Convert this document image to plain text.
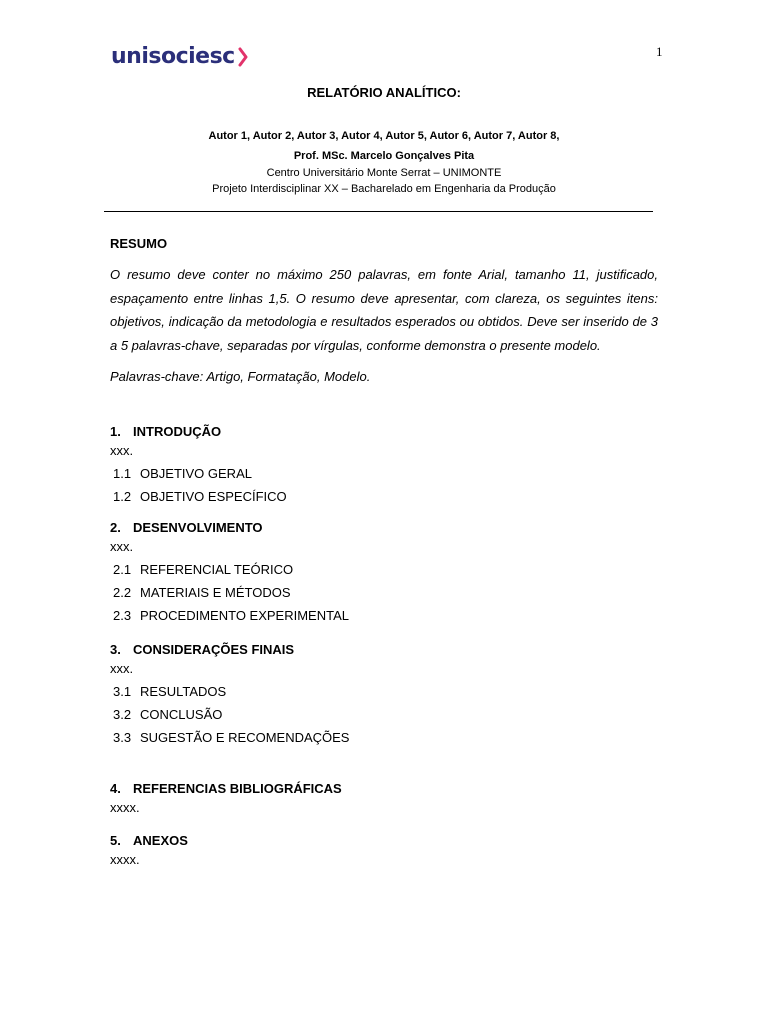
unisociesc	1
RELATÓRIO ANALÍTICO:
Autor 1, Autor 2, Autor 3, Autor 4, Autor 5, Autor 6, Autor 7, Autor 8,
Prof. MSc. Marcelo Gonçalves Pita
Centro Universitário Monte Serrat – UNIMONTE
Projeto Interdisciplinar XX – Bacharelado em Engenharia da Produção
RESUMO

O resumo deve conter no máximo 250 palavras, em fonte Arial, tamanho 11, justificado, espaçamento entre linhas 1,5. O resumo deve apresentar, com clareza, os seguintes itens: objetivos, indicação da metodologia e resultados esperados ou obtidos. Deve ser inserido de 3 a 5 palavras-chave, separadas por vírgulas, conforme demonstra o presente modelo.

Palavras-chave: Artigo, Formatação, Modelo.

1. INTRODUÇÃO
xxx.
1.1 OBJETIVO GERAL
1.2 OBJETIVO ESPECÍFICO
2. DESENVOLVIMENTO
xxx.
2.1 REFERENCIAL TEÓRICO
2.2 MATERIAIS E MÉTODOS
2.3 PROCEDIMENTO EXPERIMENTAL
3. CONSIDERAÇÕES FINAIS
xxx.
3.1 RESULTADOS
3.2 CONCLUSÃO
3.3 SUGESTÃO E RECOMENDAÇÕES
4. REFERENCIAS BIBLIOGRÁFICAS
xxxx.
5. ANEXOS
xxxx.
